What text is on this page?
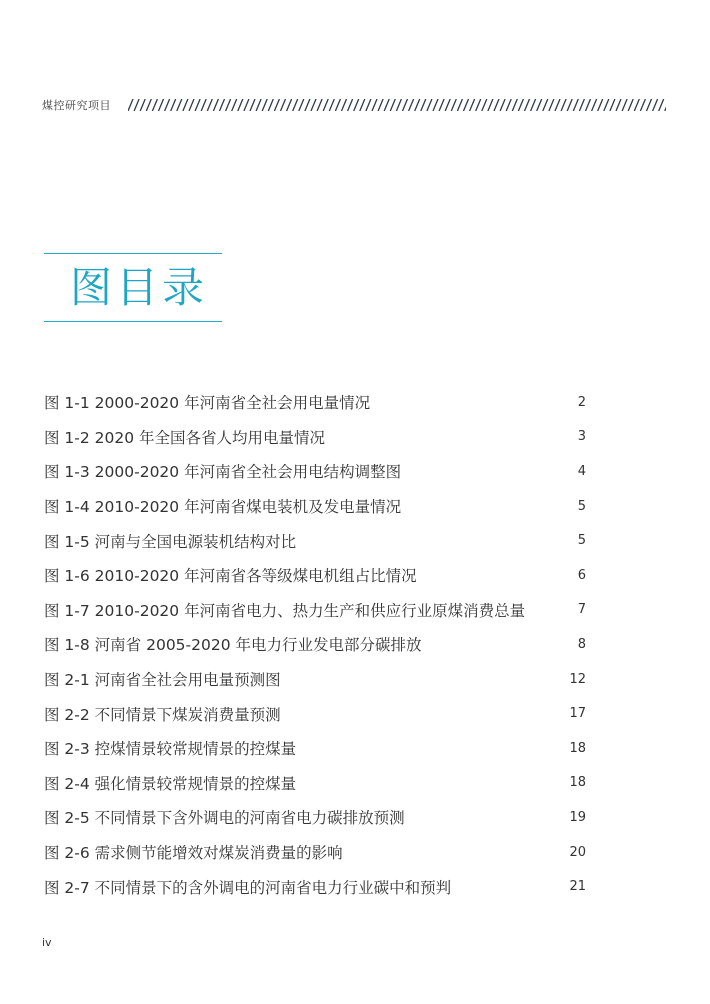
煤控研究项目
图目录
图 1-1 2000-2020 年河南省全社会用电量情况	2
图 1-2 2020 年全国各省人均用电量情况	3
图 1-3 2000-2020 年河南省全社会用电结构调整图	4
图 1-4 2010-2020 年河南省煤电装机及发电量情况	5
图 1-5 河南与全国电源装机结构对比	5
图 1-6 2010-2020 年河南省各等级煤电机组占比情况	6
图 1-7 2010-2020 年河南省电力、热力生产和供应行业原煤消费总量	7
图 1-8 河南省 2005-2020 年电力行业发电部分碳排放	8
图 2-1 河南省全社会用电量预测图	12
图 2-2 不同情景下煤炭消费量预测	17
图 2-3 控煤情景较常规情景的控煤量	18
图 2-4 强化情景较常规情景的控煤量	18
图 2-5 不同情景下含外调电的河南省电力碳排放预测	19
图 2-6 需求侧节能增效对煤炭消费量的影响	20
图 2-7 不同情景下的含外调电的河南省电力行业碳中和预判	21
iv
